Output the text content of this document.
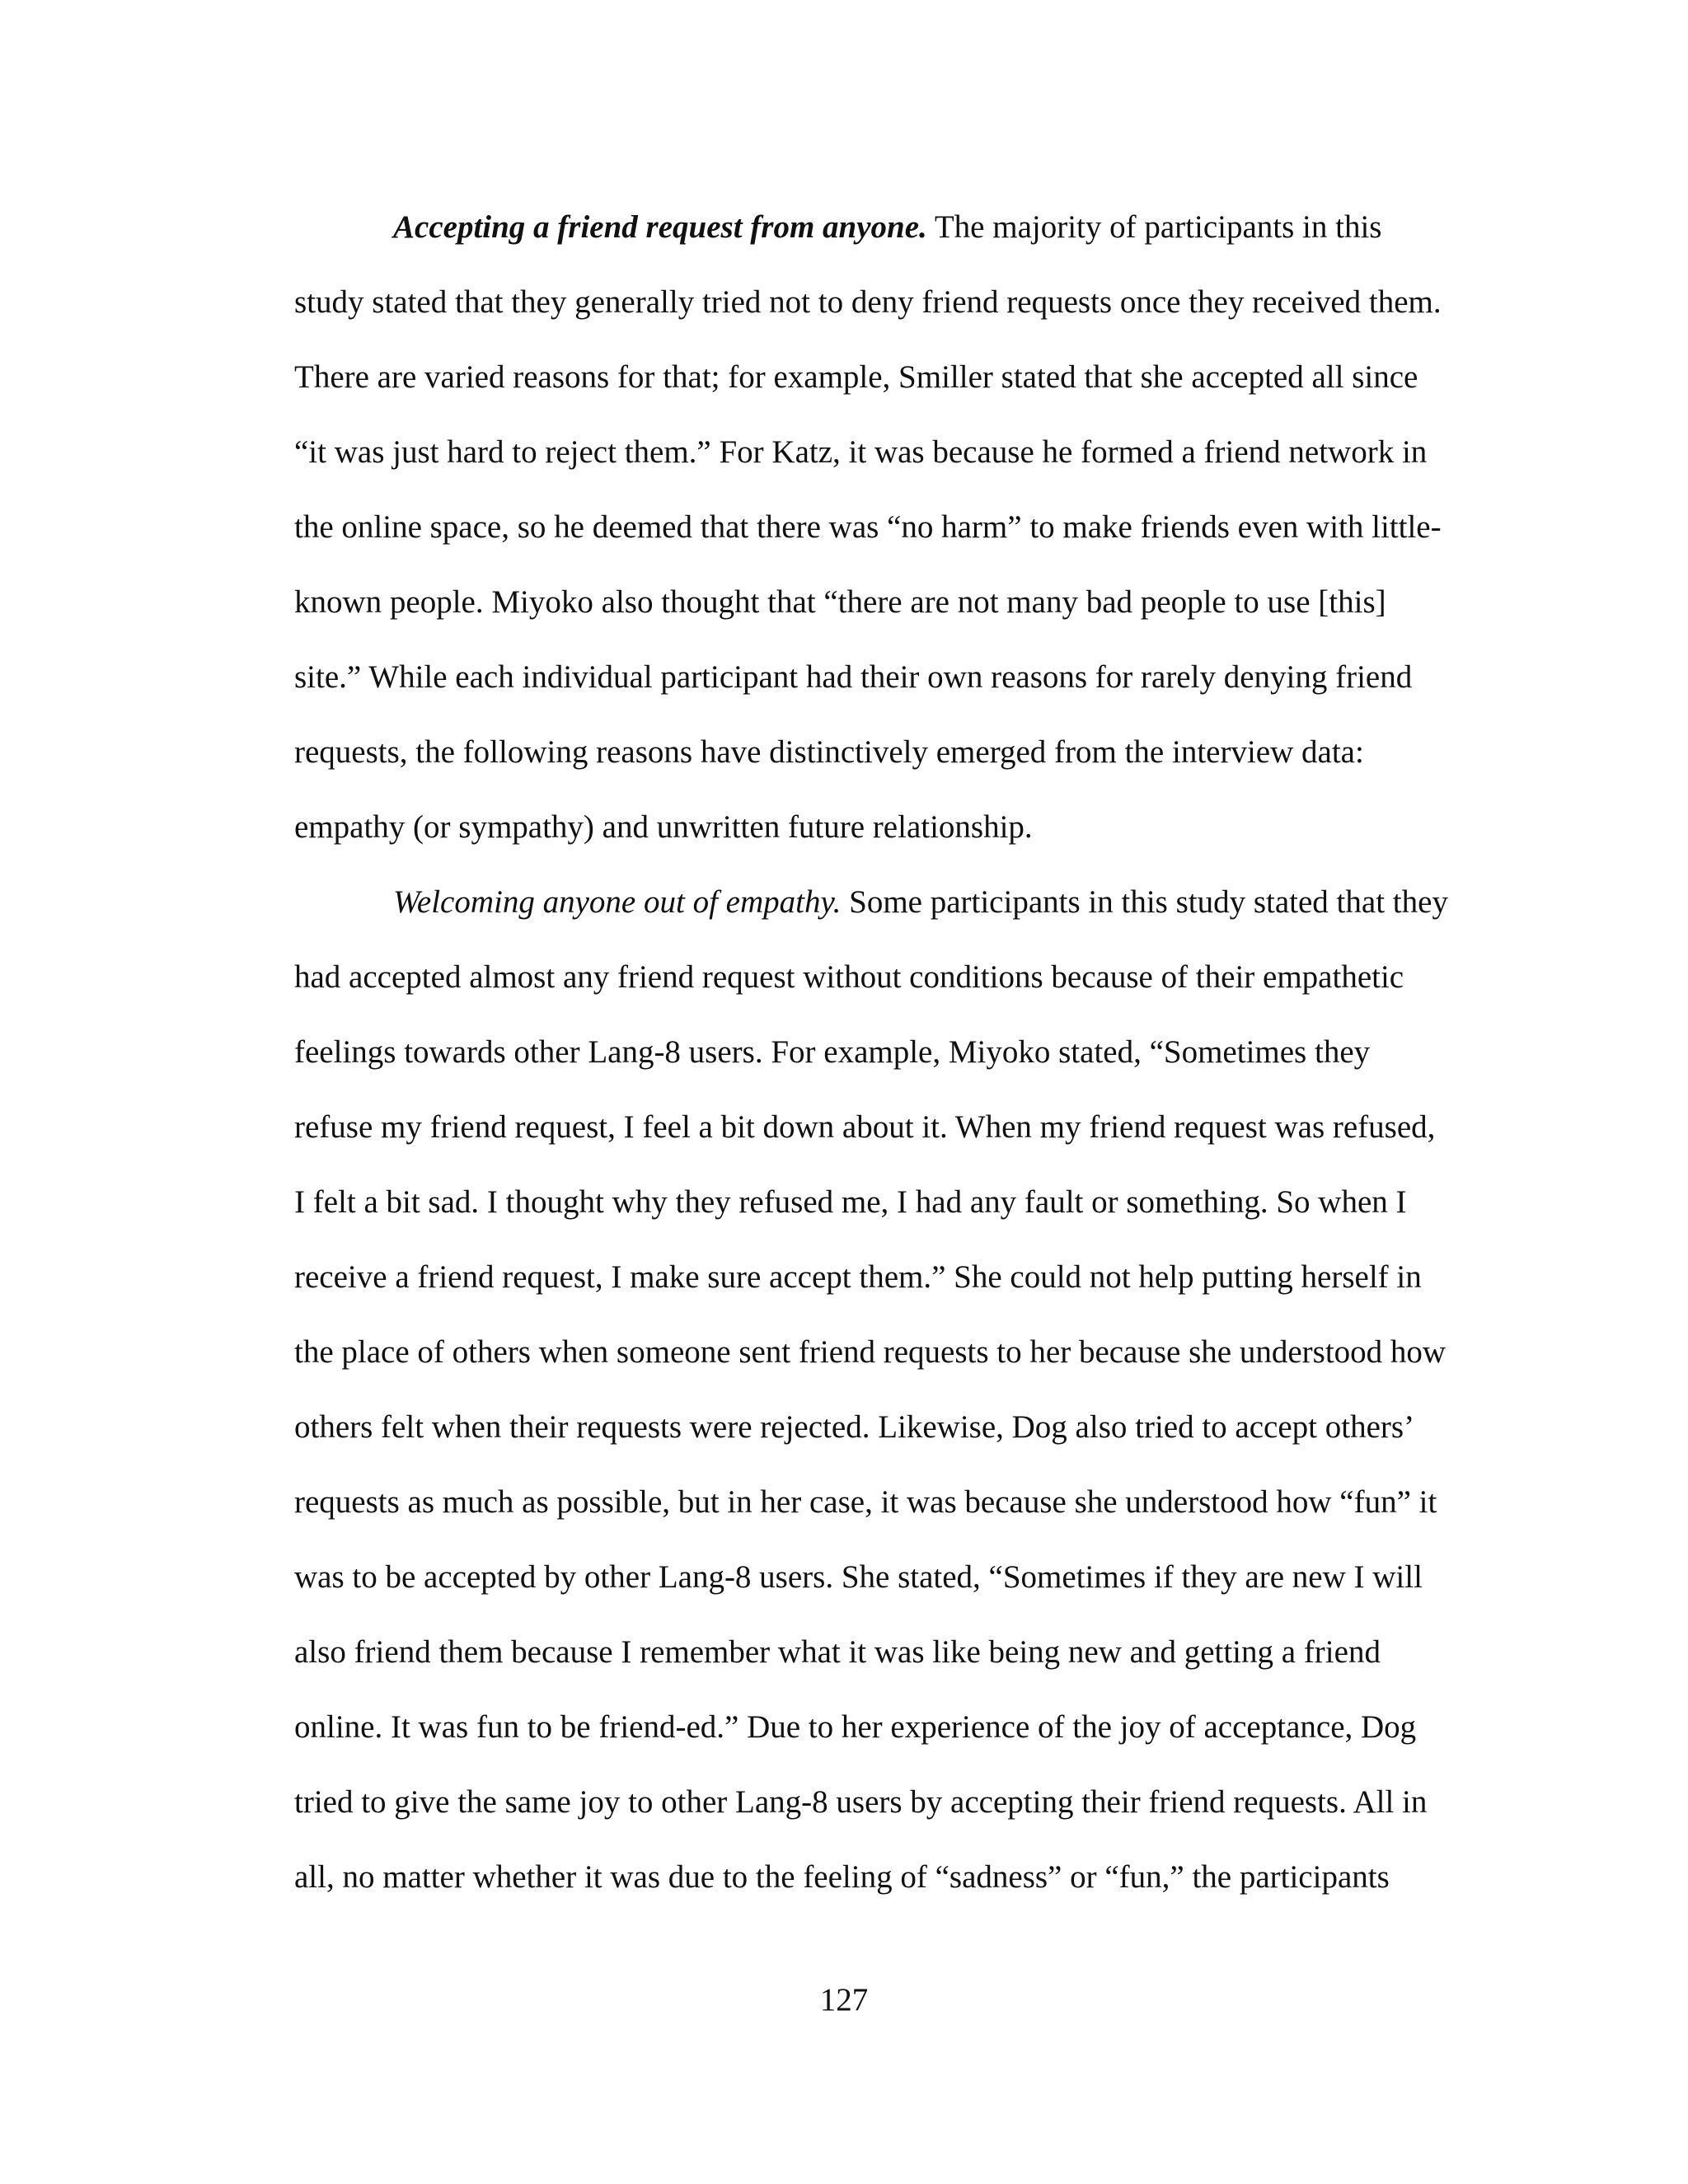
Accepting a friend request from anyone. The majority of participants in this
study stated that they generally tried not to deny friend requests once they received them.
There are varied reasons for that; for example, Smiller stated that she accepted all since
“it was just hard to reject them.” For Katz, it was because he formed a friend network in
the online space, so he deemed that there was “no harm” to make friends even with little-
known people. Miyoko also thought that “there are not many bad people to use [this]
site.” While each individual participant had their own reasons for rarely denying friend
requests, the following reasons have distinctively emerged from the interview data:
empathy (or sympathy) and unwritten future relationship.
Welcoming anyone out of empathy. Some participants in this study stated that they
had accepted almost any friend request without conditions because of their empathetic
feelings towards other Lang-8 users. For example, Miyoko stated, “Sometimes they
refuse my friend request, I feel a bit down about it. When my friend request was refused,
I felt a bit sad. I thought why they refused me, I had any fault or something. So when I
receive a friend request, I make sure accept them.” She could not help putting herself in
the place of others when someone sent friend requests to her because she understood how
others felt when their requests were rejected. Likewise, Dog also tried to accept others’
requests as much as possible, but in her case, it was because she understood how “fun” it
was to be accepted by other Lang-8 users. She stated, “Sometimes if they are new I will
also friend them because I remember what it was like being new and getting a friend
online. It was fun to be friend-ed.” Due to her experience of the joy of acceptance, Dog
tried to give the same joy to other Lang-8 users by accepting their friend requests. All in
all, no matter whether it was due to the feeling of “sadness” or “fun,” the participants
127
